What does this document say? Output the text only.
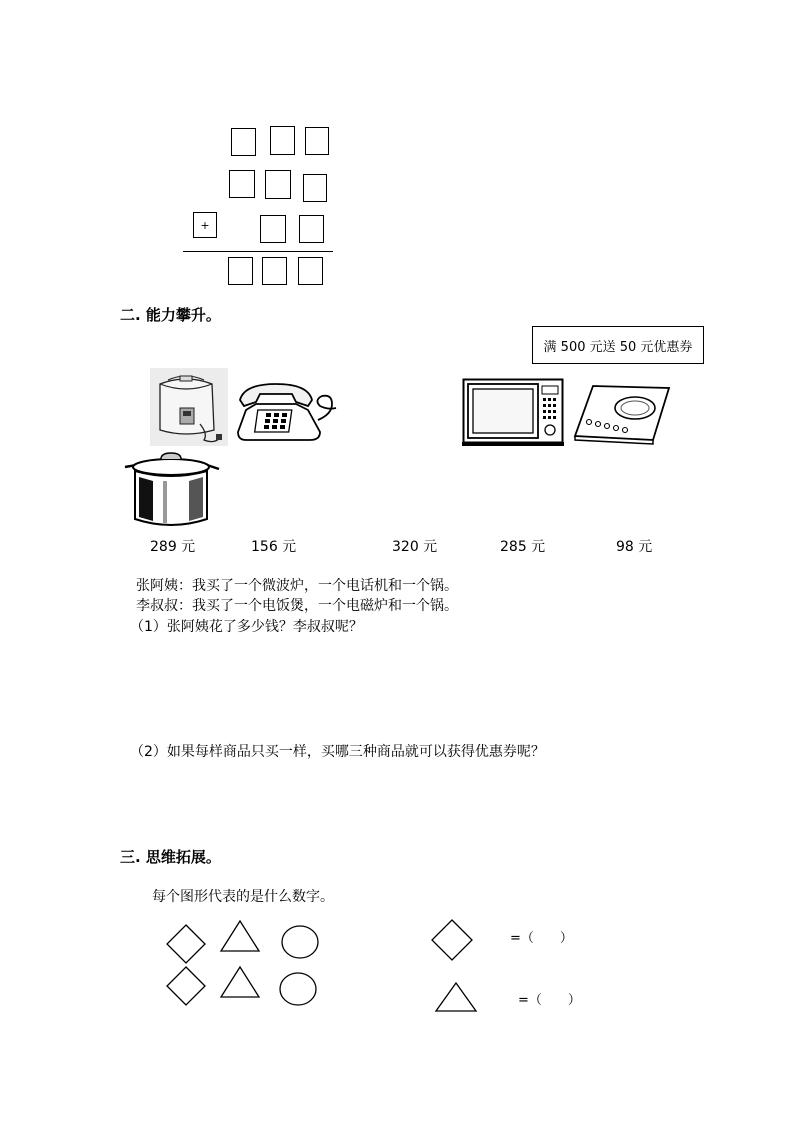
+
二. 能力攀升。
满 500 元送 50 元优惠券
289 元	156 元	320 元	285 元	98 元
张阿姨：我买了一个微波炉，一个电话机和一个锅。
李叔叔：我买了一个电饭煲，一个电磁炉和一个锅。
（1）张阿姨花了多少钱？李叔叔呢？
（2）如果每样商品只买一样，买哪三种商品就可以获得优惠券呢？
三. 思维拓展。
每个图形代表的是什么数字。
=（　　）
=（　　）
